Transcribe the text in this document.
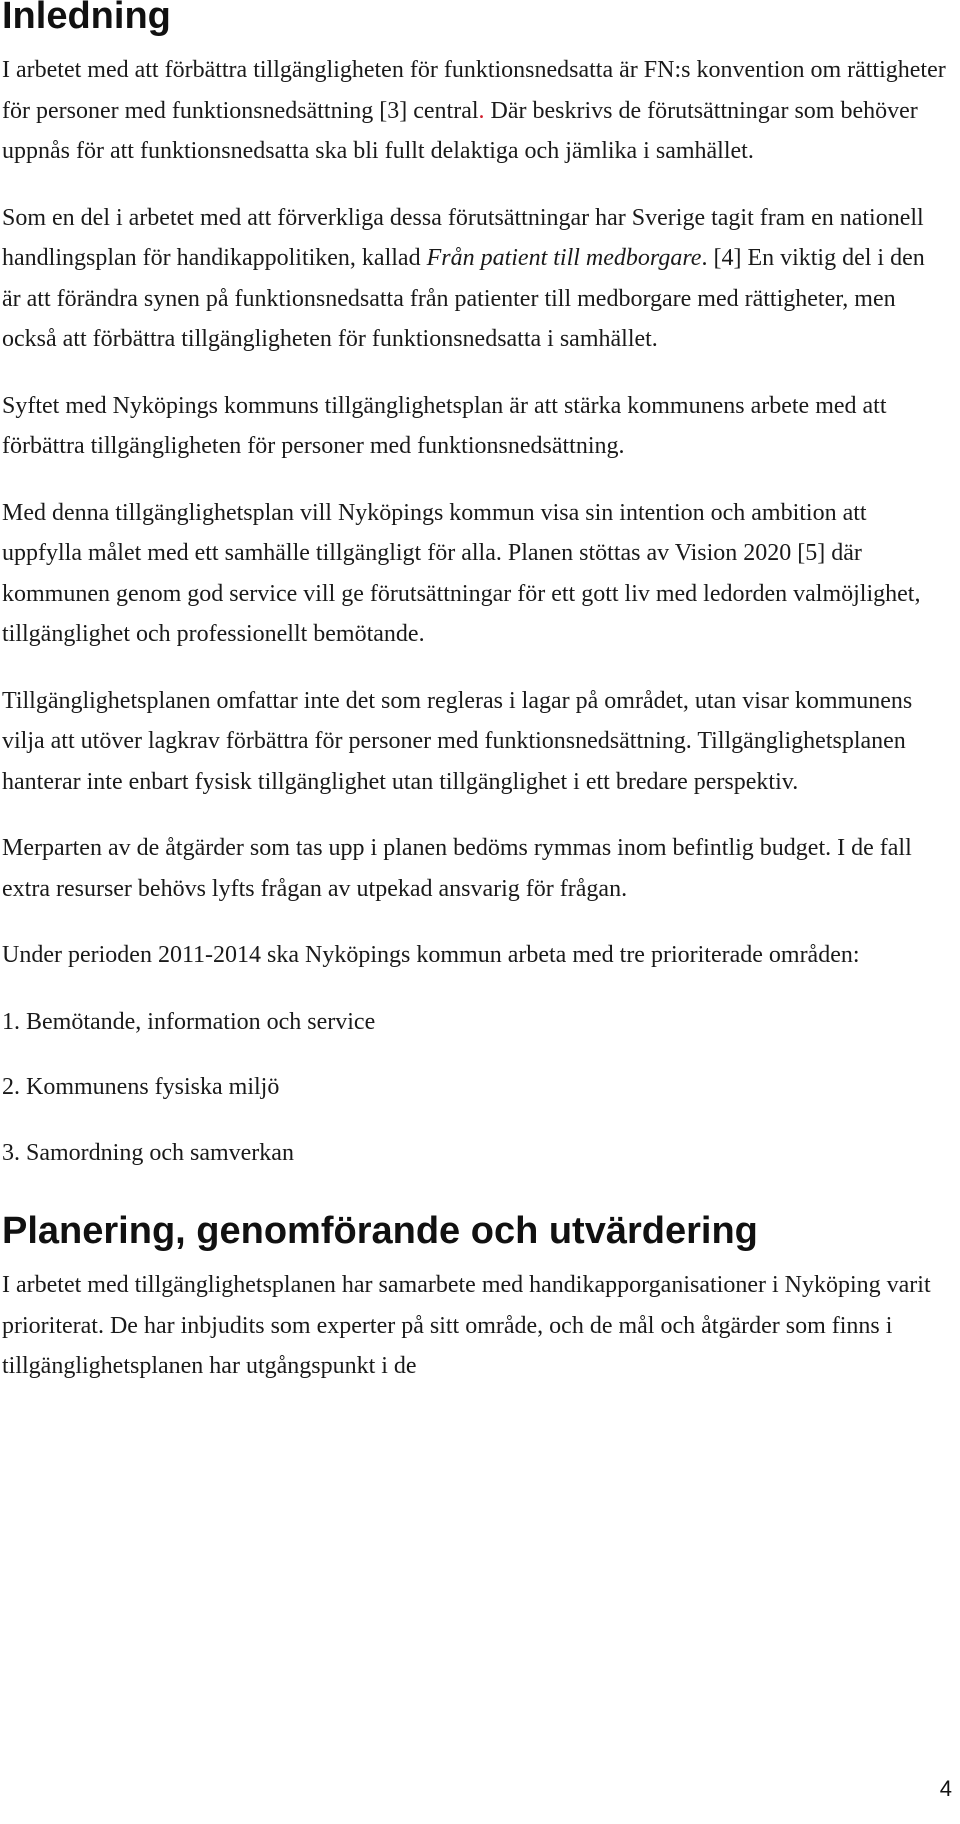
Inledning

I arbetet med att förbättra tillgängligheten för funktionsnedsatta är FN:s konvention om rättigheter för personer med funktionsnedsättning [3] central. Där beskrivs de förutsättningar som behöver uppnås för att funktionsnedsatta ska bli fullt delaktiga och jämlika i samhället.

Som en del i arbetet med att förverkliga dessa förutsättningar har Sverige tagit fram en nationell handlingsplan för handikappolitiken, kallad Från patient till medborgare. [4] En viktig del i den är att förändra synen på funktionsnedsatta från patienter till medborgare med rättigheter, men också att förbättra tillgängligheten för funktionsnedsatta i samhället.

Syftet med Nyköpings kommuns tillgänglighetsplan är att stärka kommunens arbete med att förbättra tillgängligheten för personer med funktionsnedsättning.

Med denna tillgänglighetsplan vill Nyköpings kommun visa sin intention och ambition att uppfylla målet med ett samhälle tillgängligt för alla. Planen stöttas av Vision 2020 [5] där kommunen genom god service vill ge förutsättningar för ett gott liv med ledorden valmöjlighet, tillgänglighet och professionellt bemötande.

Tillgänglighetsplanen omfattar inte det som regleras i lagar på området, utan visar kommunens vilja att utöver lagkrav förbättra för personer med funktionsnedsättning. Tillgänglighetsplanen hanterar inte enbart fysisk tillgänglighet utan tillgänglighet i ett bredare perspektiv.

Merparten av de åtgärder som tas upp i planen bedöms rymmas inom befintlig budget. I de fall extra resurser behövs lyfts frågan av utpekad ansvarig för frågan.

Under perioden 2011-2014 ska Nyköpings kommun arbeta med tre prioriterade områden:

1. Bemötande, information och service

2. Kommunens fysiska miljö

3. Samordning och samverkan

Planering, genomförande och utvärdering

I arbetet med tillgänglighetsplanen har samarbete med handikapporganisationer i Nyköping varit prioriterat. De har inbjudits som experter på sitt område, och de mål och åtgärder som finns i tillgänglighetsplanen har utgångspunkt i de

4
